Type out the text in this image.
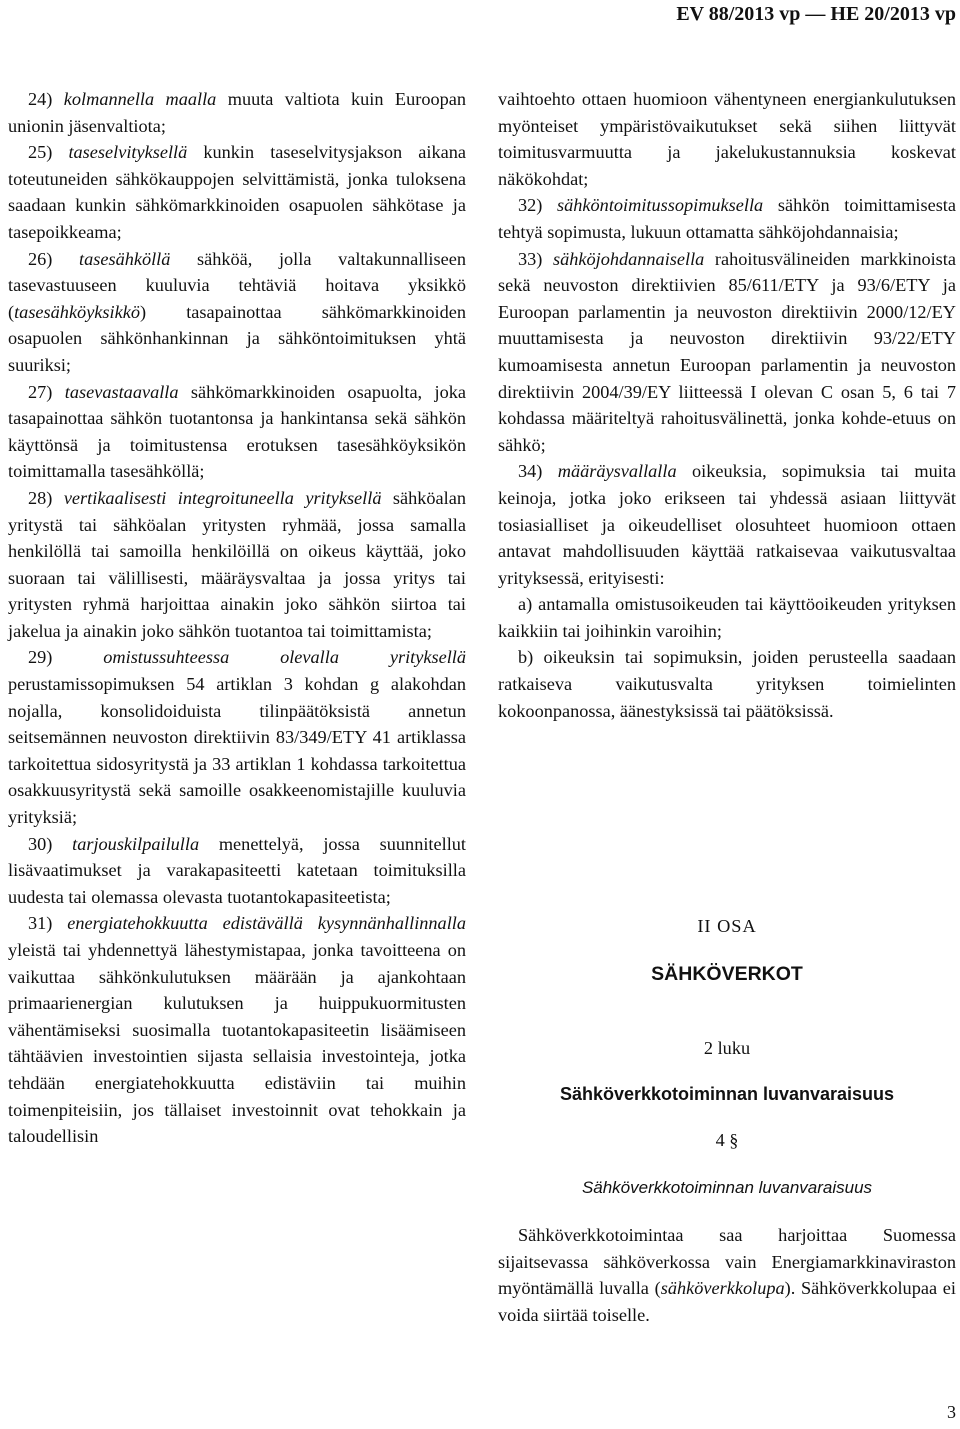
EV 88/2013 vp — HE 20/2013 vp

24) kolmannella maalla muuta valtiota kuin Euroopan unionin jäsenvaltiota;

25) taseselvityksellä kunkin taseselvitysjakson aikana toteutuneiden sähkökauppojen selvittämistä, jonka tuloksena saadaan kunkin sähkömarkkinoiden osapuolen sähkötase ja tasepoikkeama;

26) tasesähköllä sähköä, jolla valtakunnalliseen tasevastuuseen kuuluvia tehtäviä hoitava yksikkö (tasesähköyksikkö) tasapainottaa sähkömarkkinoiden osapuolen sähkönhankinnan ja sähköntoimituksen yhtä suuriksi;

27) tasevastaavalla sähkömarkkinoiden osapuolta, joka tasapainottaa sähkön tuotantonsa ja hankintansa sekä sähkön käyttönsä ja toimitustensa erotuksen tasesähköyksikön toimittamalla tasesähköllä;

28) vertikaalisesti integroituneella yrityksellä sähköalan yritystä tai sähköalan yritysten ryhmää, jossa samalla henkilöllä tai samoilla henkilöillä on oikeus käyttää, joko suoraan tai välillisesti, määräysvaltaa ja jossa yritys tai yritysten ryhmä harjoittaa ainakin joko sähkön siirtoa tai jakelua ja ainakin joko sähkön tuotantoa tai toimittamista;

29)	omistussuhteessa olevalla yrityksellä perustamissopimuksen 54 artiklan 3 kohdan g alakohdan nojalla, konsolidoiduista tilinpäätöksistä annetun seitsemännen neuvoston direktiivin 83/349/ETY 41 artiklassa tarkoitettua sidosyritystä ja 33 artiklan 1 kohdassa tarkoitettua osakkuusyritystä sekä samoille osakkeenomistajille kuuluvia yrityksiä;

30) tarjouskilpailulla menettelyä, jossa suunnitellut lisävaatimukset ja varakapasiteetti katetaan toimituksilla uudesta tai olemassa olevasta tuotantokapasiteetista;

31) energiatehokkuutta edistävällä kysynnänhallinnalla yleistä tai yhdennettyä lähestymistapaa, jonka tavoitteena on vaikuttaa sähkönkulutuksen määrään ja ajankohtaan primaarienergian kulutuksen ja huippukuormitusten vähentämiseksi suosimalla tuotantokapasiteetin lisäämiseen tähtäävien investointien sijasta sellaisia investointeja, jotka tehdään energiatehokkuutta edistäviin tai muihin toimenpiteisiin, jos tällaiset investoinnit ovat tehokkain ja taloudellisin

vaihtoehto ottaen huomioon vähentyneen energiankulutuksen myönteiset ympäristövaikutukset sekä siihen liittyvät toimitusvarmuutta ja jakelukustannuksia koskevat näkökohdat;

32) sähköntoimitussopimuksella sähkön toimittamisesta tehtyä sopimusta, lukuun ottamatta sähköjohdannaisia;

33) sähköjohdannaisella rahoitusvälineiden markkinoista sekä neuvoston direktiivien 85/611/ETY ja 93/6/ETY ja Euroopan parlamentin ja neuvoston direktiivin 2000/12/EY muuttamisesta ja neuvoston direktiivin 93/22/ETY kumoamisesta annetun Euroopan parlamentin ja neuvoston direktiivin 2004/39/EY liitteessä I olevan C osan 5, 6 tai 7 kohdassa määriteltyä rahoitusvälinettä, jonka kohde-etuus on sähkö;

34) määräysvallalla oikeuksia, sopimuksia tai muita keinoja, jotka joko erikseen tai yhdessä asiaan liittyvät tosiasialliset ja oikeudelliset olosuhteet huomioon ottaen antavat mahdollisuuden käyttää ratkaisevaa vaikutusvaltaa yrityksessä, erityisesti:

a) antamalla omistusoikeuden tai käyttöoikeuden yrityksen kaikkiin tai joihinkin varoihin;

b) oikeuksin tai sopimuksin, joiden perusteella saadaan ratkaiseva vaikutusvalta yrityksen toimielinten kokoonpanossa, äänestyksissä tai päätöksissä.

II OSA
SÄHKÖVERKOT
2 luku
Sähköverkkotoiminnan luvanvaraisuus
4 §
Sähköverkkotoiminnan luvanvaraisuus

Sähköverkkotoimintaa saa harjoittaa Suomessa sijaitsevassa sähköverkossa vain Energiamarkkinaviraston myöntämällä luvalla (sähköverkkolupa). Sähköverkkolupaa ei voida siirtää toiselle.

3
